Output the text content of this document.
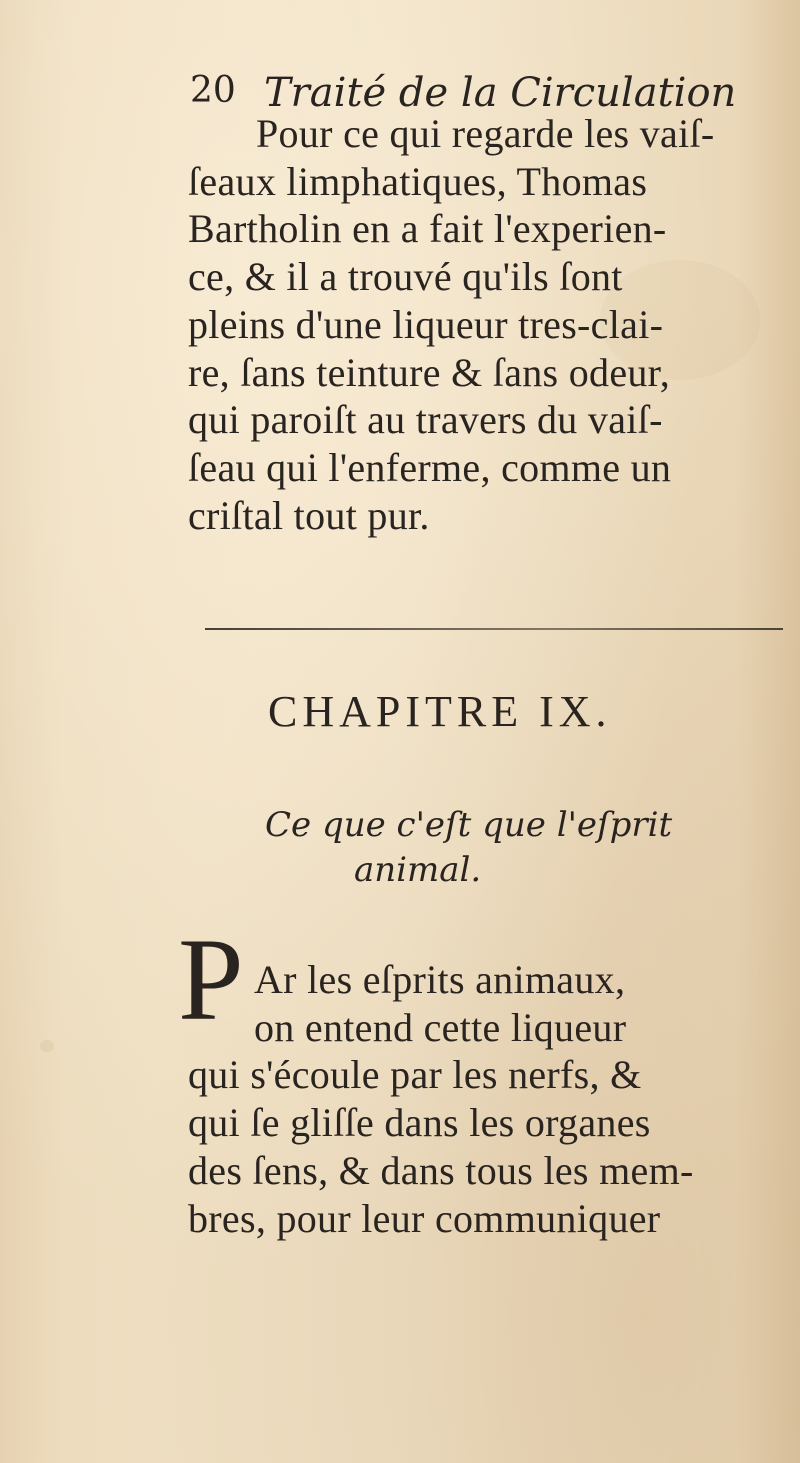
20 Traité de la Circulation
Pour ce qui regarde les vaiſ-
ſeaux limphatiques, Thomas
Bartholin en a fait l'experien-
ce, & il a trouvé qu'ils ſont
pleins d'une liqueur tres-clai-
re, ſans teinture & ſans odeur,
qui paroiſt au travers du vaiſ-
ſeau qui l'enferme, comme un
criſtal tout pur.
CHAPITRE IX.
Ce que c'eſt que l'eſprit
animal.
P Ar les eſprits animaux,
on entend cette liqueur
qui s'écoule par les nerfs, &
qui ſe gliſſe dans les organes
des ſens, & dans tous les mem-
bres, pour leur communiquer
